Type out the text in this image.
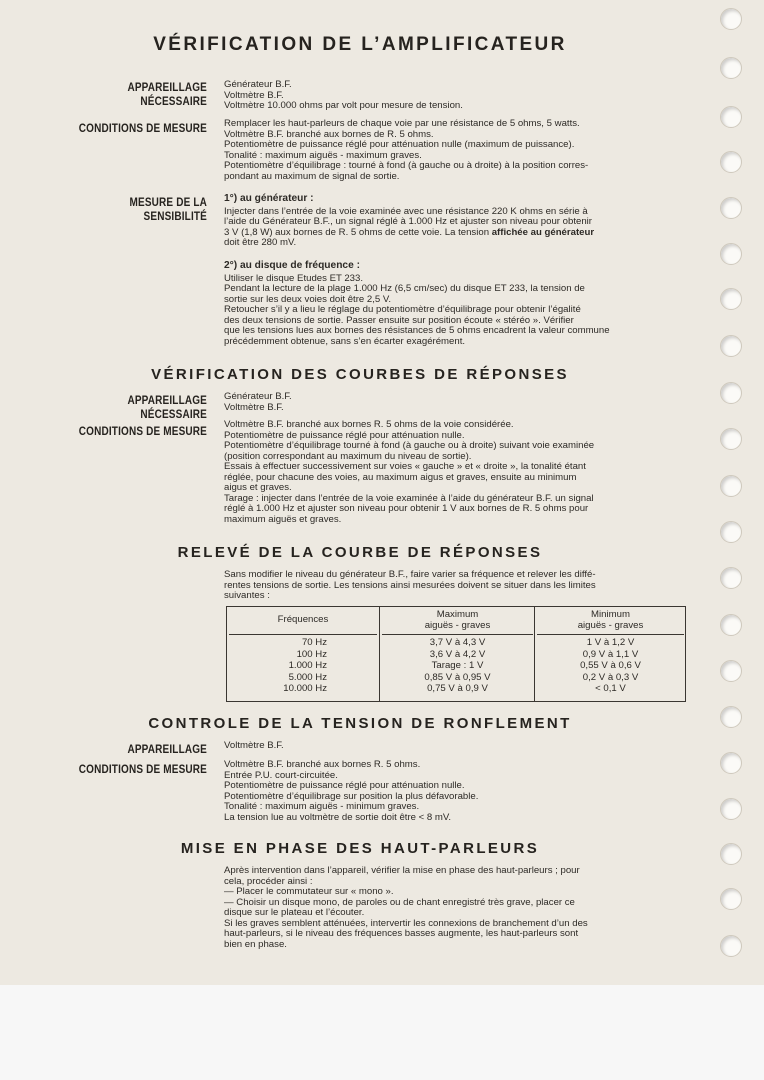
VÉRIFICATION DE L’AMPLIFICATEUR
APPAREILLAGE NÉCESSAIRE
Générateur B.F.
Voltmètre B.F.
Voltmètre 10.000 ohms par volt pour mesure de tension.
CONDITIONS DE MESURE Remplacer les haut-parleurs de chaque voie par une résistance de 5 ohms, 5 watts.
Voltmètre B.F. branché aux bornes de R. 5 ohms.
Potentiomètre de puissance réglé pour atténuation nulle (maximum de puissance).
Tonalité : maximum aiguës - maximum graves.
Potentiomètre d’équilibrage : tourné à fond (à gauche ou à droite) à la position corres-
pondant au maximum de signal de sortie.
MESURE DE LA SENSIBILITÉ
1°) au générateur :
Injecter dans l’entrée de la voie examinée avec une résistance 220 K ohms en série à
l’aide du Générateur B.F., un signal réglé à 1.000 Hz et ajuster son niveau pour obtenir
3 V (1,8 W) aux bornes de R. 5 ohms de cette voie. La tension affichée au générateur
doit être 280 mV.
2°) au disque de fréquence :
Utiliser le disque Études ET 233.
Pendant la lecture de la plage 1.000 Hz (6,5 cm/sec) du disque ET 233, la tension de
sortie sur les deux voies doit être 2,5 V.
Retoucher s’il y a lieu le réglage du potentiomètre d’équilibrage pour obtenir l’égalité
des deux tensions de sortie. Passer ensuite sur position écoute « stéréo ». Vérifier
que les tensions lues aux bornes des résistances de 5 ohms encadrent la valeur commune
précédemment obtenue, sans s’en écarter exagérément.
VÉRIFICATION DES COURBES DE RÉPONSES
APPAREILLAGE NÉCESSAIRE
Générateur B.F.
Voltmètre B.F.
CONDITIONS DE MESURE Voltmètre B.F. branché aux bornes R. 5 ohms de la voie considérée.
Potentiomètre de puissance réglé pour atténuation nulle.
Potentiomètre d’équilibrage tourné à fond (à gauche ou à droite) suivant voie examinée
(position correspondant au maximum du niveau de sortie).
Essais à effectuer successivement sur voies « gauche » et « droite », la tonalité étant
réglée, pour chacune des voies, au maximum aigus et graves, ensuite au minimum
aigus et graves.
Tarage : injecter dans l’entrée de la voie examinée à l’aide du générateur B.F. un signal
réglé à 1.000 Hz et ajuster son niveau pour obtenir 1 V aux bornes de R. 5 ohms pour
maximum aiguës et graves.
RELEVÉ DE LA COURBE DE RÉPONSES
Sans modifier le niveau du générateur B.F., faire varier sa fréquence et relever les diffé-
rentes tensions de sortie. Les tensions ainsi mesurées doivent se situer dans les limites
suivantes :
Fréquences
70 Hz
100 Hz
1.000 Hz
5.000 Hz
10.000 Hz
Maximum
aiguës - graves
3,7 V à 4,3 V
3,6 V à 4,2 V
Tarage : 1 V
0,85 V à 0,95 V
0,75 V à 0,9 V
Minimum
aiguës - graves
1 V à 1,2 V
0,9 V à 1,1 V
0,55 V à 0,6 V
0,2 V à 0,3 V
< 0,1 V
CONTROLE DE LA TENSION DE RONFLEMENT
APPAREILLAGE Voltmètre B.F.
CONDITIONS DE MESURE Voltmètre B.F. branché aux bornes R. 5 ohms.
Entrée P.U. court-circuitée.
Potentiomètre de puissance réglé pour atténuation nulle.
Potentiomètre d’équilibrage sur position la plus défavorable.
Tonalité : maximum aiguës - minimum graves.
La tension lue au voltmètre de sortie doit être < 8 mV.
MISE EN PHASE DES HAUT-PARLEURS
Après intervention dans l’appareil, vérifier la mise en phase des haut-parleurs ; pour
cela, procéder ainsi :
— Placer le commutateur sur « mono ».
— Choisir un disque mono, de paroles ou de chant enregistré très grave, placer ce
disque sur le plateau et l’écouter.
Si les graves semblent atténuées, intervertir les connexions de branchement d’un des
haut-parleurs, si le niveau des fréquences basses augmente, les haut-parleurs sont
bien en phase.
